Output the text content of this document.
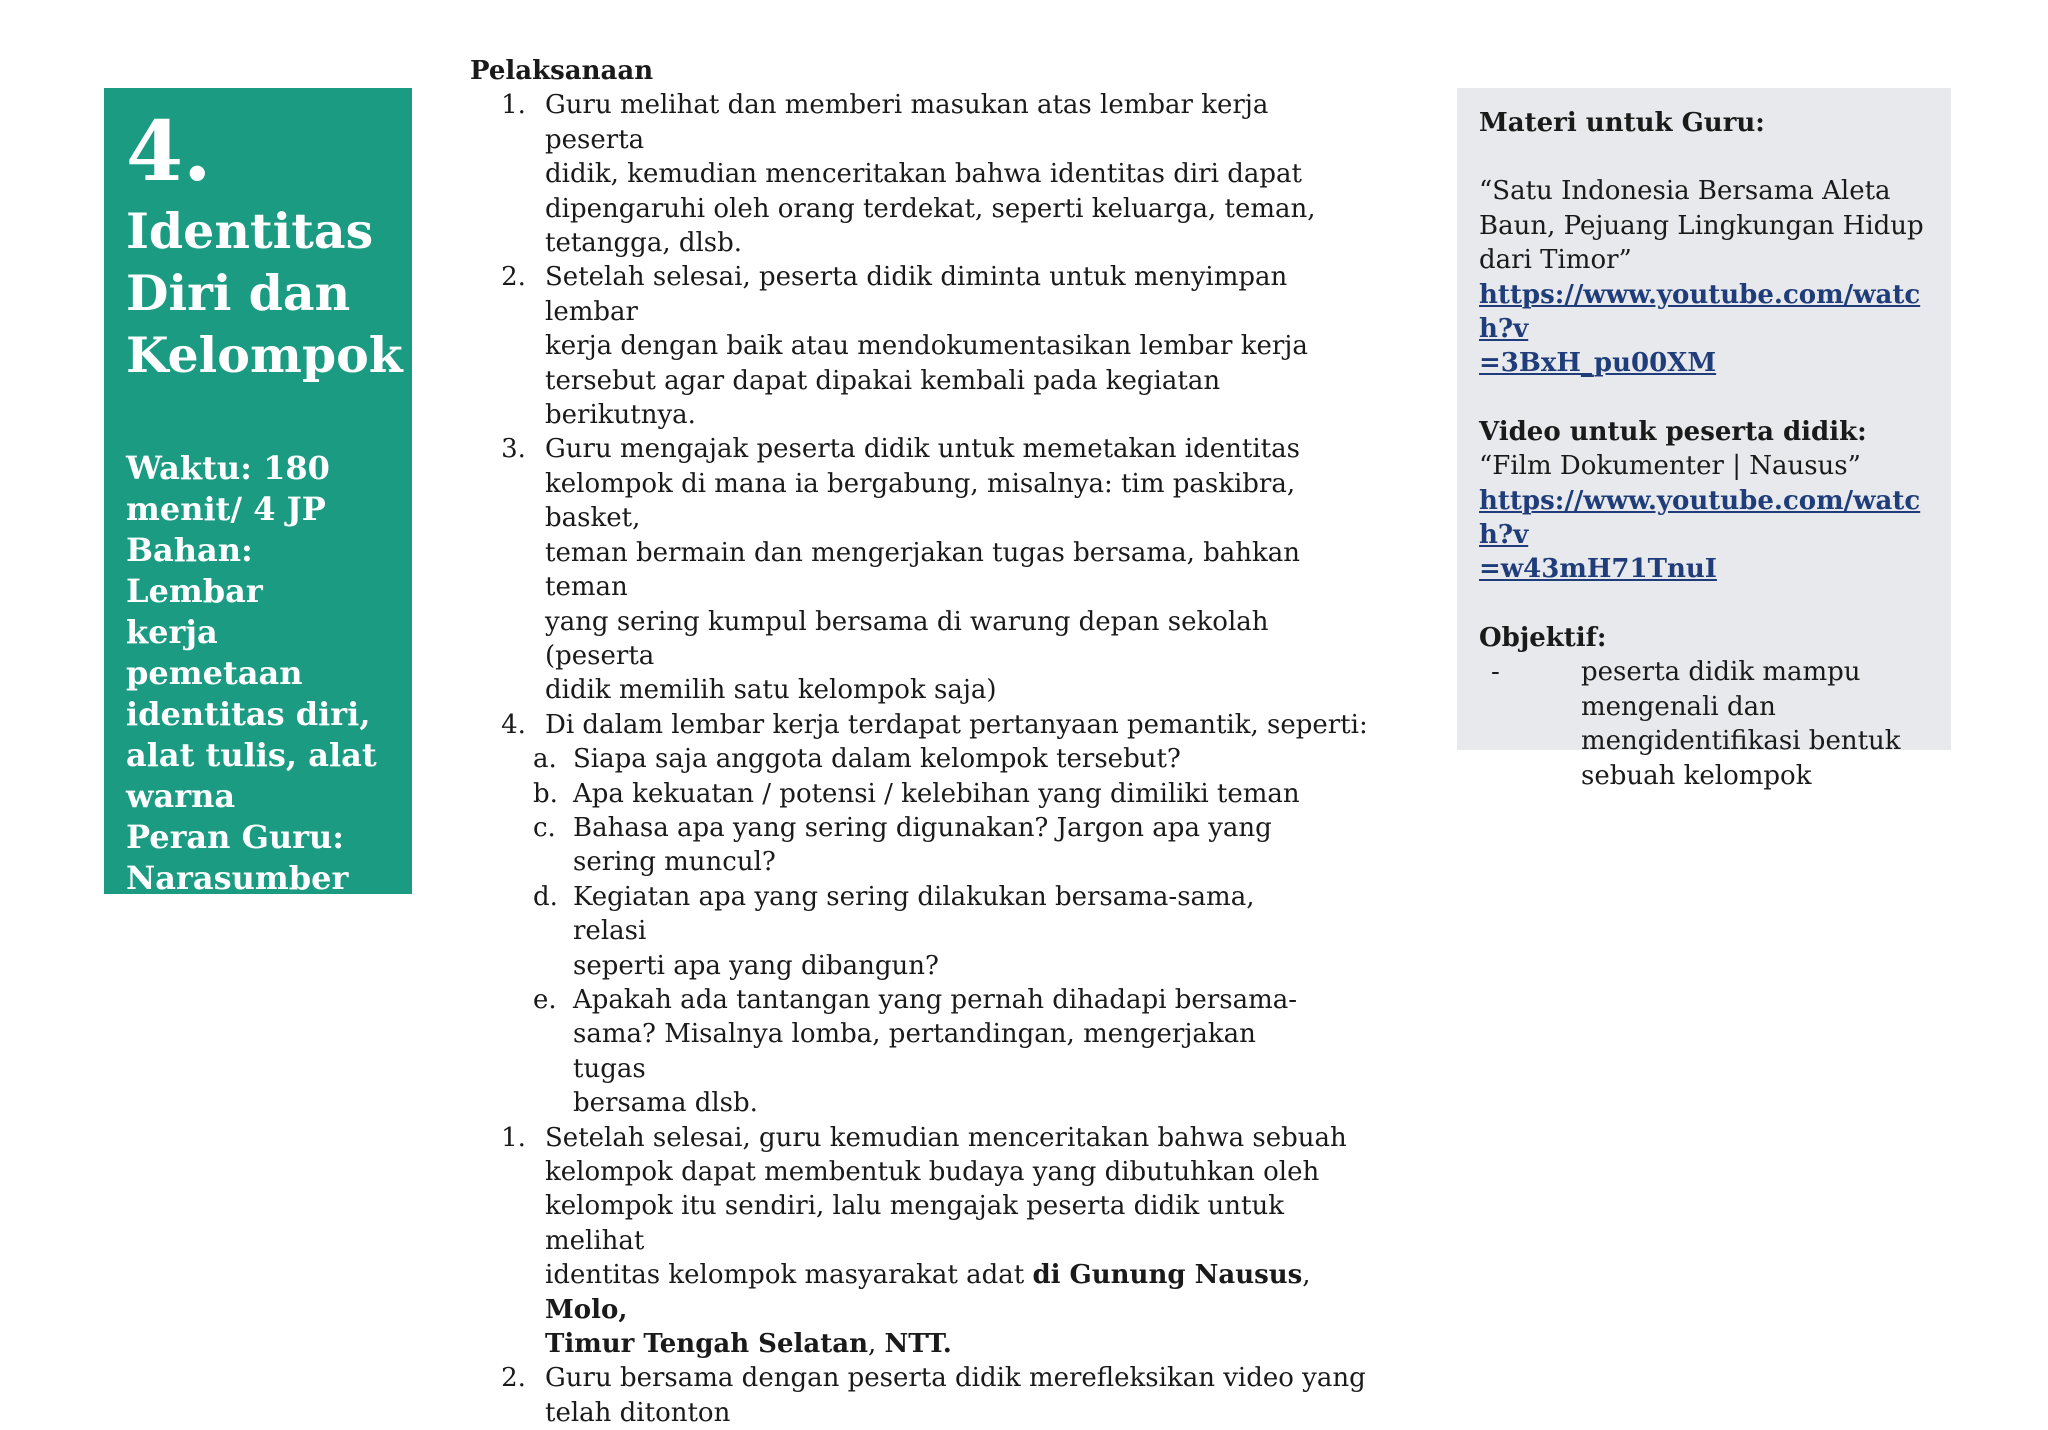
4.
Identitas
Diri dan
Kelompok
Waktu: 180
menit/ 4 JP
Bahan: Lembar
kerja pemetaan
identitas diri,
alat tulis, alat
warna
Peran Guru:
Narasumber dan
Fasilitator
Pelaksanaan
1. Guru melihat dan memberi masukan atas lembar kerja peserta
didik, kemudian menceritakan bahwa identitas diri dapat
dipengaruhi oleh orang terdekat, seperti keluarga, teman,
tetangga, dlsb.
2. Setelah selesai, peserta didik diminta untuk menyimpan lembar
kerja dengan baik atau mendokumentasikan lembar kerja
tersebut agar dapat dipakai kembali pada kegiatan berikutnya.
3. Guru mengajak peserta didik untuk memetakan identitas
kelompok di mana ia bergabung, misalnya: tim paskibra, basket,
teman bermain dan mengerjakan tugas bersama, bahkan teman
yang sering kumpul bersama di warung depan sekolah (peserta
didik memilih satu kelompok saja)
4. Di dalam lembar kerja terdapat pertanyaan pemantik, seperti:
a. Siapa saja anggota dalam kelompok tersebut?
b. Apa kekuatan / potensi / kelebihan yang dimiliki teman
c. Bahasa apa yang sering digunakan? Jargon apa yang
sering muncul?
d. Kegiatan apa yang sering dilakukan bersama-sama, relasi
seperti apa yang dibangun?
e. Apakah ada tantangan yang pernah dihadapi bersama-
sama? Misalnya lomba, pertandingan, mengerjakan tugas
bersama dlsb.
1. Setelah selesai, guru kemudian menceritakan bahwa sebuah
kelompok dapat membentuk budaya yang dibutuhkan oleh
kelompok itu sendiri, lalu mengajak peserta didik untuk melihat
identitas kelompok masyarakat adat di Gunung Nausus, Molo,
Timur Tengah Selatan, NTT.
2. Guru bersama dengan peserta didik merefleksikan video yang
telah ditonton
Materi untuk Guru:
“Satu Indonesia Bersama Aleta
Baun, Pejuang Lingkungan Hidup
dari Timor”
https://www.youtube.com/watch?v
=3BxH_pu00XM
Video untuk peserta didik:
“Film Dokumenter | Nausus”
https://www.youtube.com/watch?v
=w43mH71TnuI
Objektif:
-	peserta didik mampu
mengenali dan
mengidentifikasi bentuk
sebuah kelompok
